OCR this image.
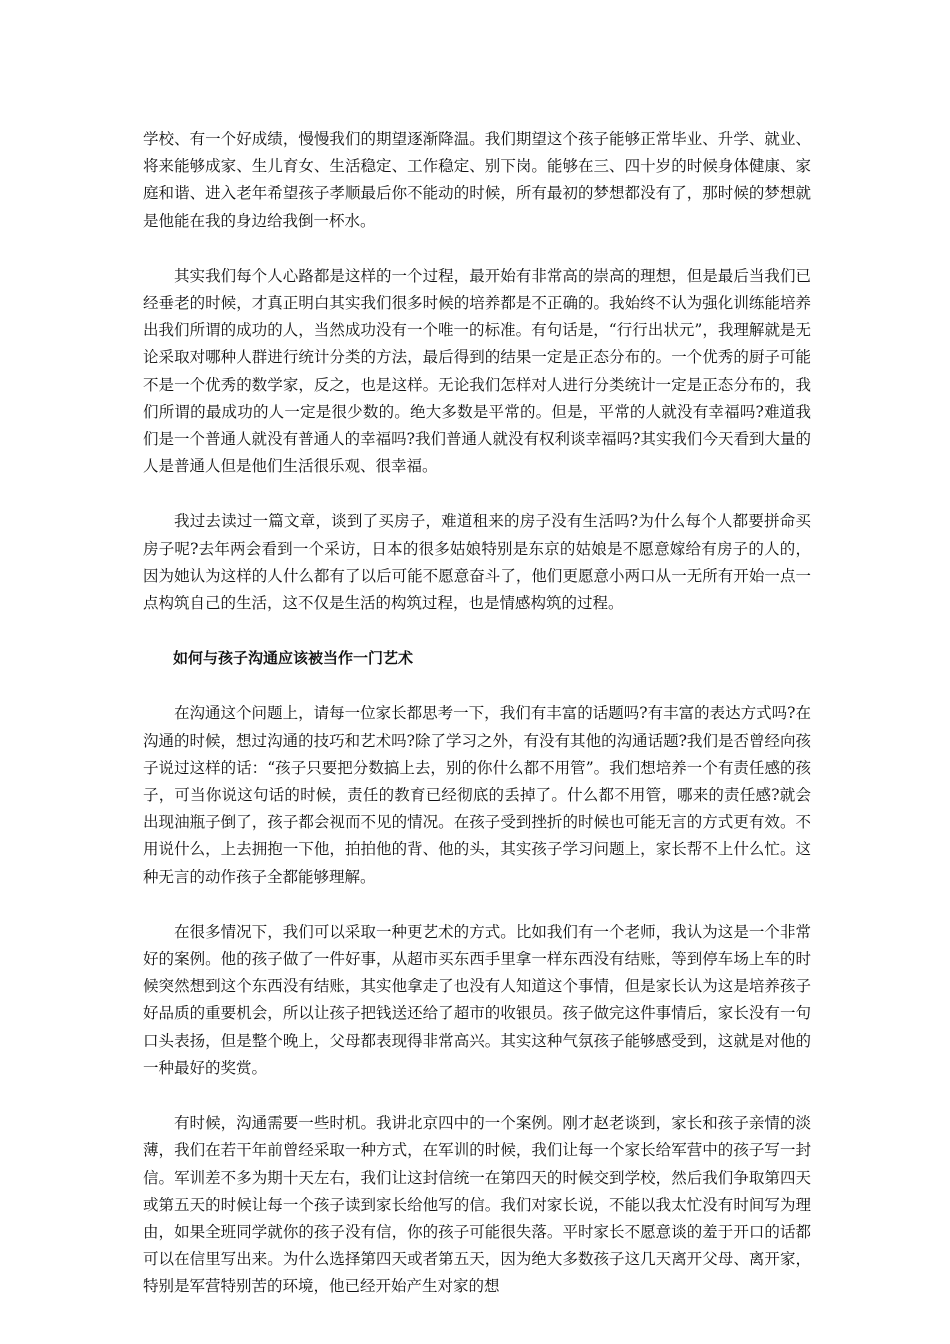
学校、有一个好成绩，慢慢我们的期望逐渐降温。我们期望这个孩子能够正常毕业、升学、就业、将来能够成家、生儿育女、生活稳定、工作稳定、别下岗。能够在三、四十岁的时候身体健康、家庭和谐、进入老年希望孩子孝顺最后你不能动的时候，所有最初的梦想都没有了，那时候的梦想就是他能在我的身边给我倒一杯水。

其实我们每个人心路都是这样的一个过程，最开始有非常高的崇高的理想，但是最后当我们已经垂老的时候，才真正明白其实我们很多时候的培养都是不正确的。我始终不认为强化训练能培养出我们所谓的成功的人，当然成功没有一个唯一的标准。有句话是，“行行出状元”，我理解就是无论采取对哪种人群进行统计分类的方法，最后得到的结果一定是正态分布的。一个优秀的厨子可能不是一个优秀的数学家，反之，也是这样。无论我们怎样对人进行分类统计一定是正态分布的，我们所谓的最成功的人一定是很少数的。绝大多数是平常的。但是，平常的人就没有幸福吗?难道我们是一个普通人就没有普通人的幸福吗?我们普通人就没有权利谈幸福吗?其实我们今天看到大量的人是普通人但是他们生活很乐观、很幸福。

我过去读过一篇文章，谈到了买房子，难道租来的房子没有生活吗?为什么每个人都要拼命买房子呢?去年两会看到一个采访，日本的很多姑娘特别是东京的姑娘是不愿意嫁给有房子的人的，因为她认为这样的人什么都有了以后可能不愿意奋斗了，他们更愿意小两口从一无所有开始一点一点构筑自己的生活，这不仅是生活的构筑过程，也是情感构筑的过程。

如何与孩子沟通应该被当作一门艺术

在沟通这个问题上，请每一位家长都思考一下，我们有丰富的话题吗?有丰富的表达方式吗?在沟通的时候，想过沟通的技巧和艺术吗?除了学习之外，有没有其他的沟通话题?我们是否曾经向孩子说过这样的话：“孩子只要把分数搞上去，别的你什么都不用管”。我们想培养一个有责任感的孩子，可当你说这句话的时候，责任的教育已经彻底的丢掉了。什么都不用管，哪来的责任感?就会出现油瓶子倒了，孩子都会视而不见的情况。在孩子受到挫折的时候也可能无言的方式更有效。不用说什么，上去拥抱一下他，拍拍他的背、他的头，其实孩子学习问题上，家长帮不上什么忙。这种无言的动作孩子全都能够理解。

在很多情况下，我们可以采取一种更艺术的方式。比如我们有一个老师，我认为这是一个非常好的案例。他的孩子做了一件好事，从超市买东西手里拿一样东西没有结账，等到停车场上车的时候突然想到这个东西没有结账，其实他拿走了也没有人知道这个事情，但是家长认为这是培养孩子好品质的重要机会，所以让孩子把钱送还给了超市的收银员。孩子做完这件事情后，家长没有一句口头表扬，但是整个晚上，父母都表现得非常高兴。其实这种气氛孩子能够感受到，这就是对他的一种最好的奖赏。

有时候，沟通需要一些时机。我讲北京四中的一个案例。刚才赵老谈到，家长和孩子亲情的淡薄，我们在若干年前曾经采取一种方式，在军训的时候，我们让每一个家长给军营中的孩子写一封信。军训差不多为期十天左右，我们让这封信统一在第四天的时候交到学校，然后我们争取第四天或第五天的时候让每一个孩子读到家长给他写的信。我们对家长说，不能以我太忙没有时间写为理由，如果全班同学就你的孩子没有信，你的孩子可能很失落。平时家长不愿意谈的羞于开口的话都可以在信里写出来。为什么选择第四天或者第五天，因为绝大多数孩子这几天离开父母、离开家，特别是军营特别苦的环境，他已经开始产生对家的想
